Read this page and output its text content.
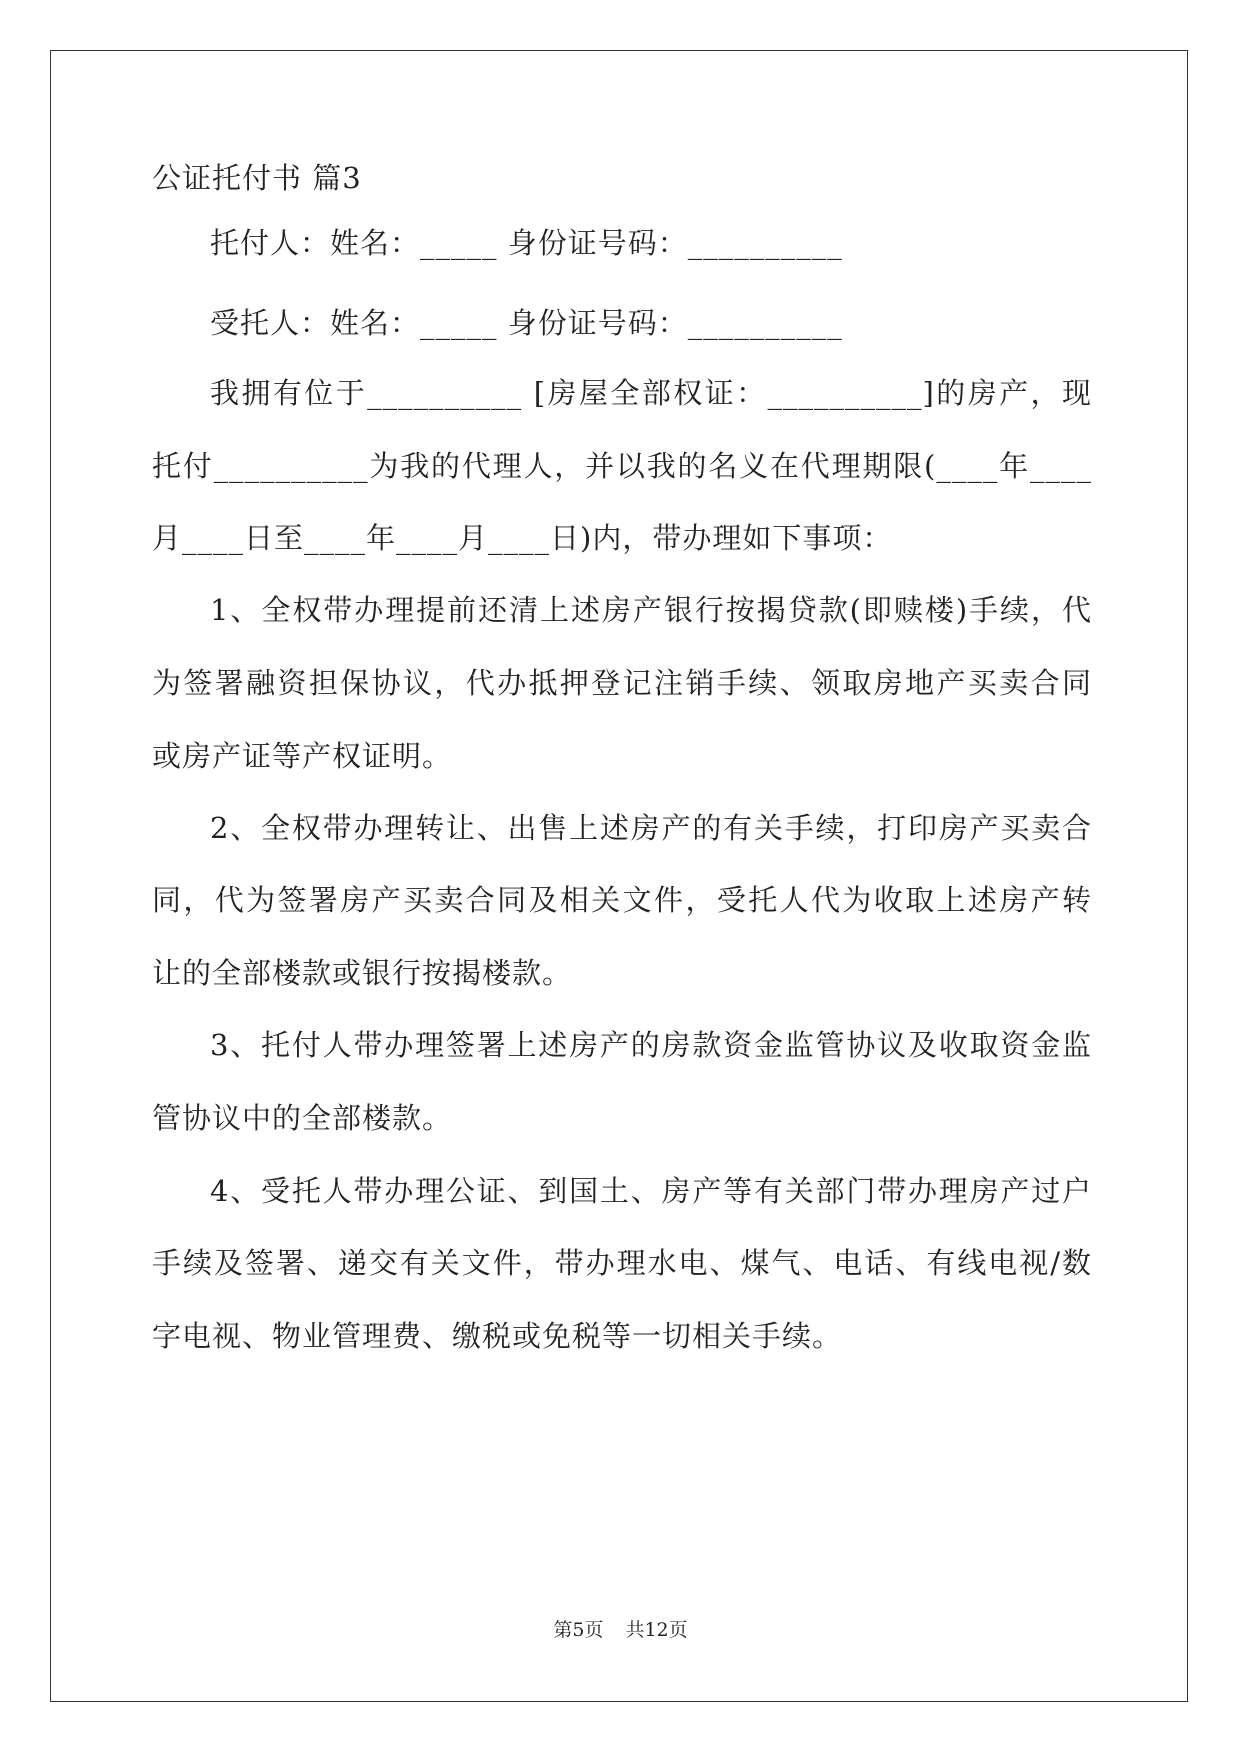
公证托付书 篇3
托付人：姓名：_____ 身份证号码：__________
受托人：姓名：_____ 身份证号码：__________
我拥有位于__________ [房屋全部权证：__________]的房产，现
托付__________为我的代理人，并以我的名义在代理期限(____年____
月____日至____年____月____日)内，带办理如下事项：
1、全权带办理提前还清上述房产银行按揭贷款(即赎楼)手续，代
为签署融资担保协议，代办抵押登记注销手续、领取房地产买卖合同
或房产证等产权证明。
2、全权带办理转让、出售上述房产的有关手续，打印房产买卖合
同，代为签署房产买卖合同及相关文件，受托人代为收取上述房产转
让的全部楼款或银行按揭楼款。
3、托付人带办理签署上述房产的房款资金监管协议及收取资金监
管协议中的全部楼款。
4、受托人带办理公证、到国土、房产等有关部门带办理房产过户
手续及签署、递交有关文件，带办理水电、煤气、电话、有线电视/数
字电视、物业管理费、缴税或免税等一切相关手续。
第5页 共12页
